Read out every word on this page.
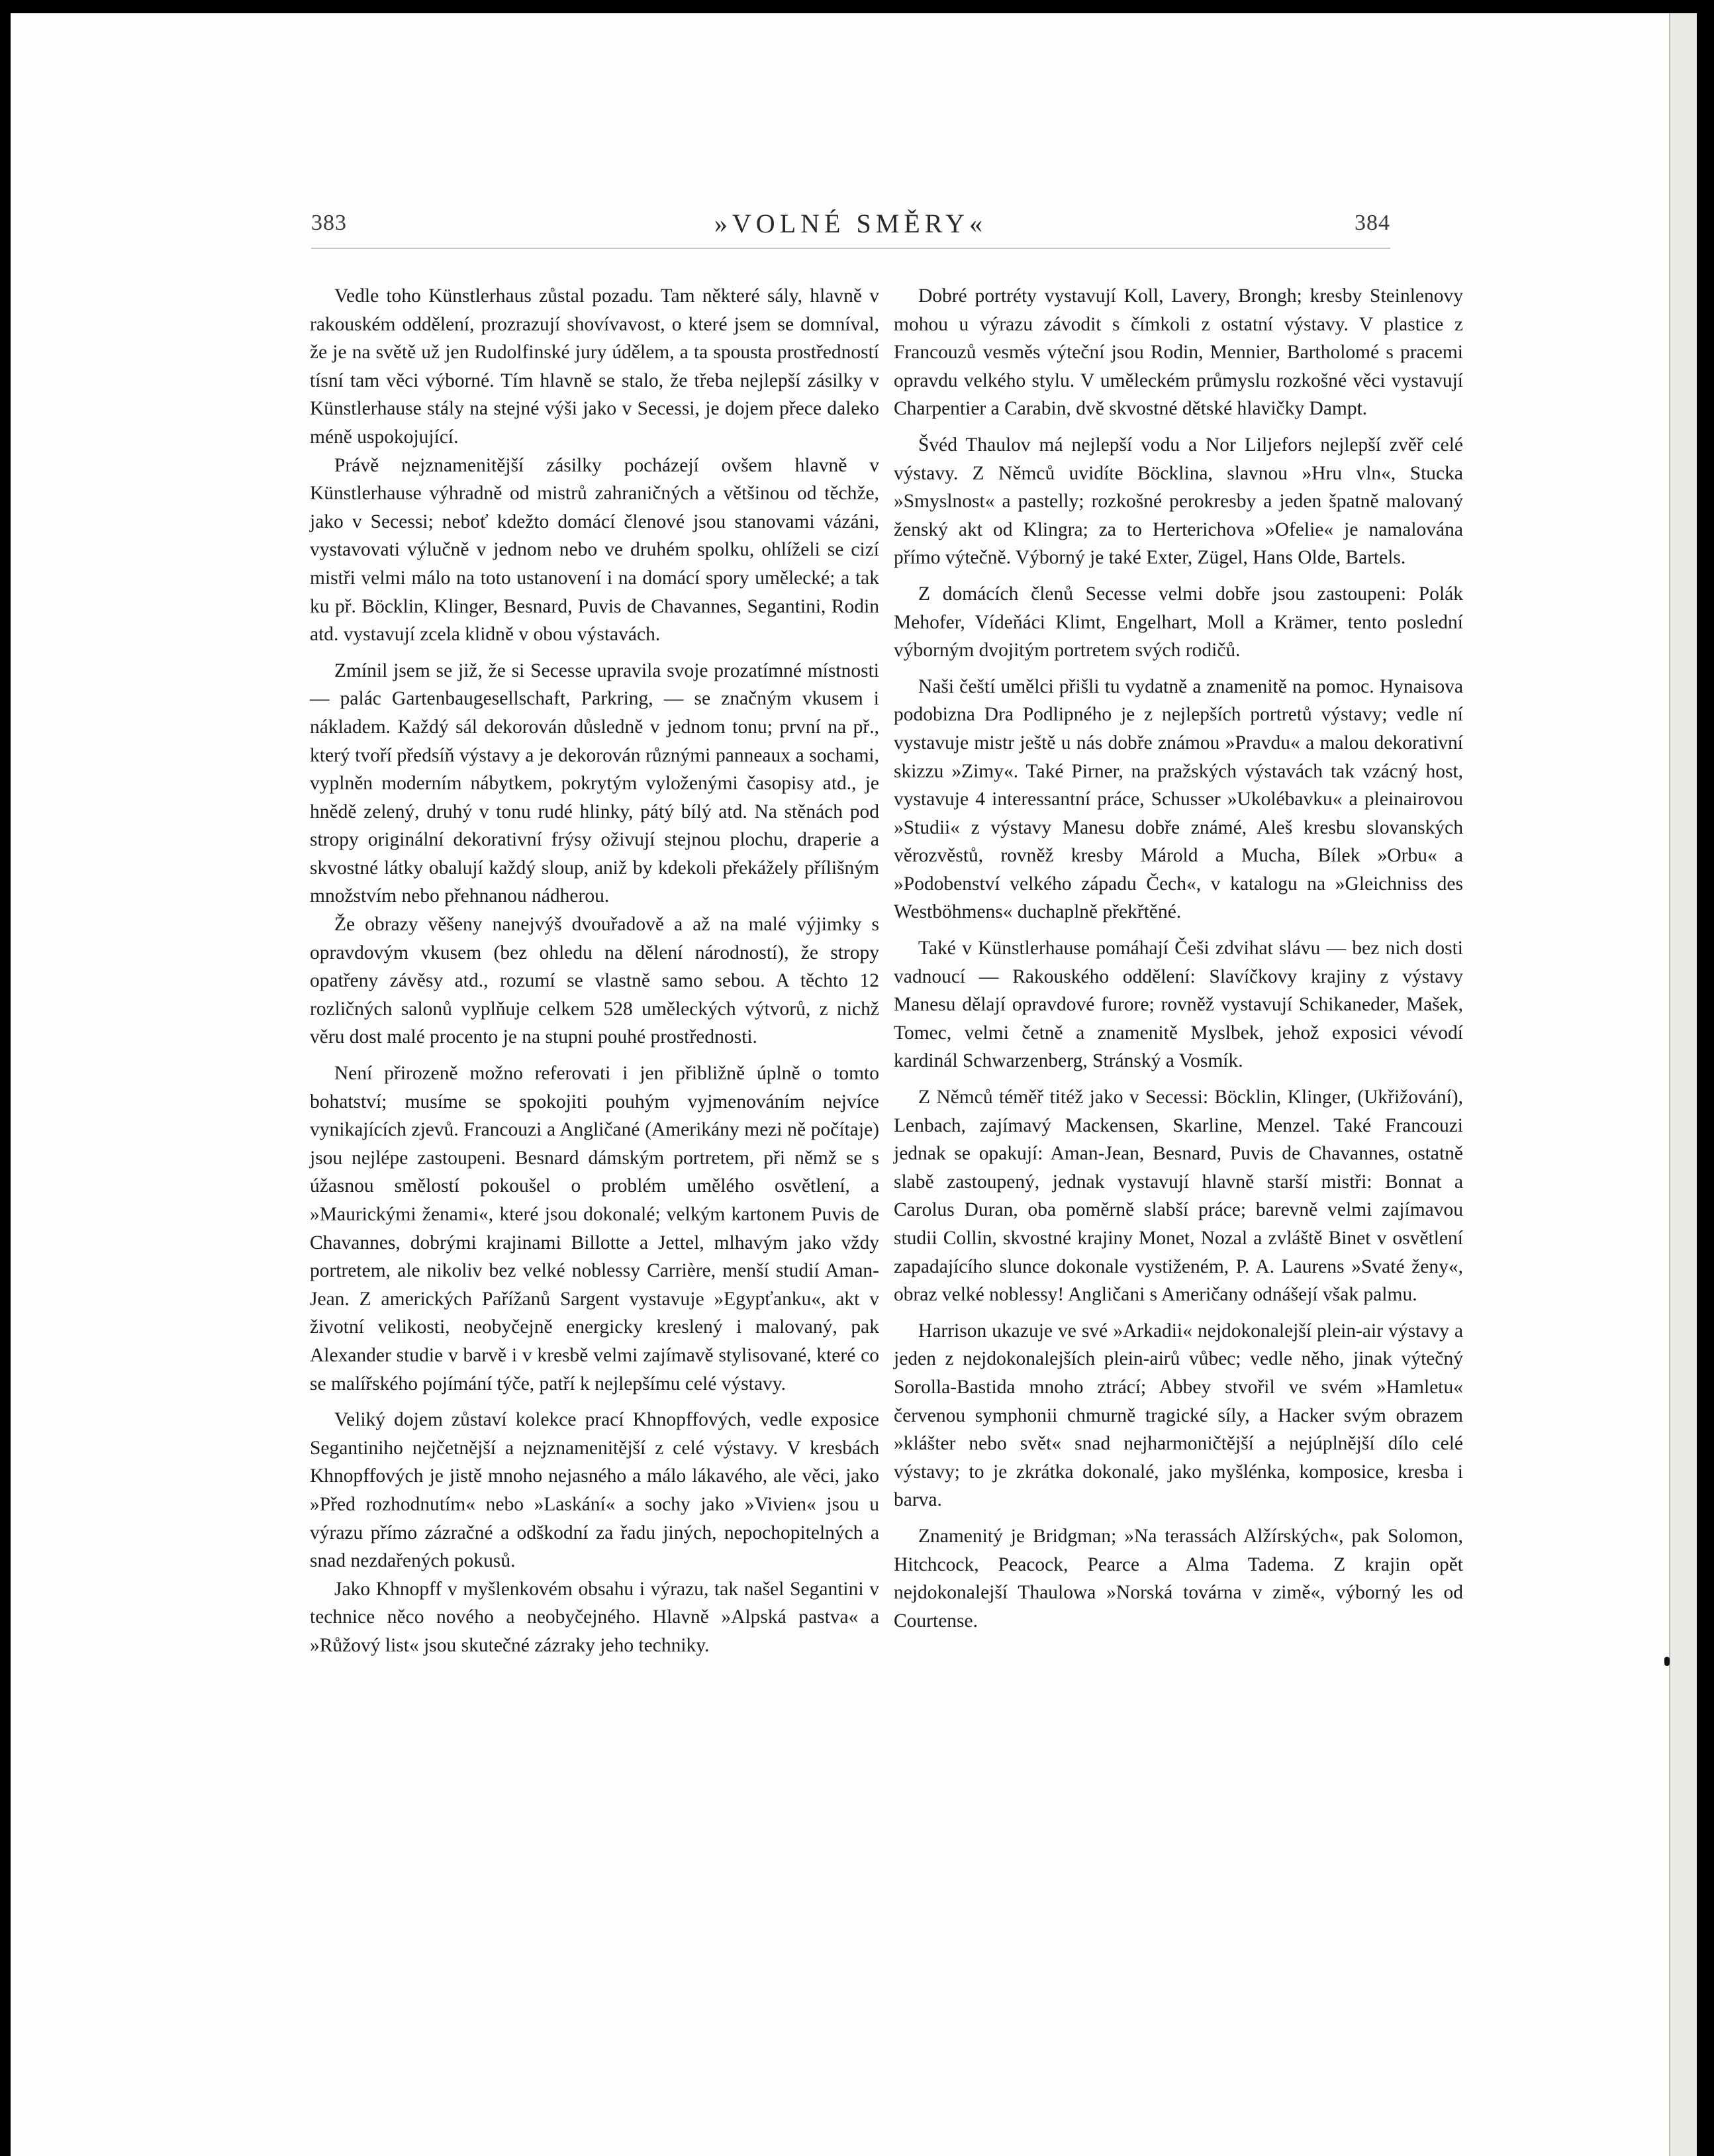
383	»VOLNÉ SMĚRY«	384

Vedle toho Künstlerhaus zůstal pozadu. Tam některé sály, hlavně v rakouském oddělení, prozrazují shovívavost, o které jsem se domníval, že je na světě už jen Rudolfinské jury údělem, a ta spousta prostředností tísní tam věci výborné. Tím hlavně se stalo, že třeba nejlepší zásilky v Künstlerhause stály na stejné výši jako v Secessi, je dojem přece daleko méně uspokojující.

Právě nejznamenitější zásilky pocházejí ovšem hlavně v Künstlerhause výhradně od mistrů zahraničných a většinou od těchže, jako v Secessi; neboť kdežto domácí členové jsou stanovami vázáni, vystavovati výlučně v jednom nebo ve druhém spolku, ohlíželi se cizí mistři velmi málo na toto ustanovení i na domácí spory umělecké; a tak ku př. Böcklin, Klinger, Besnard, Puvis de Chavannes, Segantini, Rodin atd. vystavují zcela klidně v obou výstavách.

Zmínil jsem se již, že si Secesse upravila svoje prozatímné místnosti — palác Gartenbaugesellschaft, Parkring, — se značným vkusem i nákladem. Každý sál dekorován důsledně v jednom tonu; první na př., který tvoří předsíň výstavy a je dekorován různými panneaux a sochami, vyplněn moderním nábytkem, pokrytým vyloženými časopisy atd., je hnědě zelený, druhý v tonu rudé hlinky, pátý bílý atd. Na stěnách pod stropy originální dekorativní frýsy oživují stejnou plochu, draperie a skvostné látky obalují každý sloup, aniž by kdekoli překážely přílišným množstvím nebo přehnanou nádherou.

Že obrazy věšeny nanejvýš dvouřadově a až na malé výjimky s opravdovým vkusem (bez ohledu na dělení národností), že stropy opatřeny závěsy atd., rozumí se vlastně samo sebou. A těchto 12 rozličných salonů vyplňuje celkem 528 uměleckých výtvorů, z nichž věru dost malé procento je na stupni pouhé prostřednosti.

Není přirozeně možno referovati i jen přibližně úplně o tomto bohatství; musíme se spokojiti pouhým vyjmenováním nejvíce vynikajících zjevů. Francouzi a Angličané (Amerikány mezi ně počítaje) jsou nejlépe zastoupeni. Besnard dámským portretem, při němž se s úžasnou smělostí pokoušel o problém umělého osvětlení, a »Maurickými ženami«, které jsou dokonalé; velkým kartonem Puvis de Chavannes, dobrými krajinami Billotte a Jettel, mlhavým jako vždy portretem, ale nikoliv bez velké noblessy Carrière, menší studií Aman-Jean. Z amerických Pařížanů Sargent vystavuje »Egypťanku«, akt v životní velikosti, neobyčejně energicky kreslený i malovaný, pak Alexander studie v barvě i v kresbě velmi zajímavě stylisované, které co se malířského pojímání týče, patří k nejlepšímu celé výstavy.

Veliký dojem zůstaví kolekce prací Khnopffových, vedle exposice Segantiniho nejčetnější a nejznamenitější z celé výstavy. V kresbách Khnopffových je jistě mnoho nejasného a málo lákavého, ale věci, jako »Před rozhodnutím« nebo »Laskání« a sochy jako »Vivien« jsou u výrazu přímo zázračné a odškodní za řadu jiných, nepochopitelných a snad nezdařených pokusů.

Jako Khnopff v myšlenkovém obsahu i výrazu, tak našel Segantini v technice něco nového a neobyčejného. Hlavně »Alpská pastva« a »Růžový list« jsou skutečné zázraky jeho techniky.

Dobré portréty vystavují Koll, Lavery, Brongh; kresby Steinlenovy mohou u výrazu závodit s čímkoli z ostatní výstavy. V plastice z Francouzů vesměs výteční jsou Rodin, Mennier, Bartholomé s pracemi opravdu velkého stylu. V uměleckém průmyslu rozkošné věci vystavují Charpentier a Carabin, dvě skvostné dětské hlavičky Dampt.

Švéd Thaulov má nejlepší vodu a Nor Liljefors nejlepší zvěř celé výstavy. Z Němců uvidíte Böcklina, slavnou »Hru vln«, Stucka »Smyslnost« a pastelly; rozkošné perokresby a jeden špatně malovaný ženský akt od Klingra; za to Herterichova »Ofelie« je namalována přímo výtečně. Výborný je také Exter, Zügel, Hans Olde, Bartels.

Z domácích členů Secesse velmi dobře jsou zastoupeni: Polák Mehofer, Vídeňáci Klimt, Engelhart, Moll a Krämer, tento poslední výborným dvojitým portretem svých rodičů.

Naši čeští umělci přišli tu vydatně a znamenitě na pomoc. Hynaisova podobizna Dra Podlipného je z nejlepších portretů výstavy; vedle ní vystavuje mistr ještě u nás dobře známou »Pravdu« a malou dekorativní skizzu »Zimy«. Také Pirner, na pražských výstavách tak vzácný host, vystavuje 4 interessantní práce, Schusser »Ukolébavku« a pleinairovou »Studii« z výstavy Manesu dobře známé, Aleš kresbu slovanských věrozvěstů, rovněž kresby Márold a Mucha, Bílek »Orbu« a »Podobenství velkého západu Čech«, v katalogu na »Gleichniss des Westböhmens« duchaplně překřtěné.

Také v Künstlerhause pomáhají Češi zdvihat slávu — bez nich dosti vadnoucí — Rakouského oddělení: Slavíčkovy krajiny z výstavy Manesu dělají opravdové furore; rovněž vystavují Schikaneder, Mašek, Tomec, velmi četně a znamenitě Myslbek, jehož exposici vévodí kardinál Schwarzenberg, Stránský a Vosmík.

Z Němců téměř titéž jako v Secessi: Böcklin, Klinger, (Ukřižování), Lenbach, zajímavý Mackensen, Skarline, Menzel. Také Francouzi jednak se opakují: Aman-Jean, Besnard, Puvis de Chavannes, ostatně slabě zastoupený, jednak vystavují hlavně starší mistři: Bonnat a Carolus Duran, oba poměrně slabší práce; barevně velmi zajímavou studii Collin, skvostné krajiny Monet, Nozal a zvláště Binet v osvětlení zapadajícího slunce dokonale vystiženém, P. A. Laurens »Svaté ženy«, obraz velké noblessy! Angličani s Američany odnášejí však palmu.

Harrison ukazuje ve své »Arkadii« nejdokonalejší plein-air výstavy a jeden z nejdokonalejších plein-airů vůbec; vedle něho, jinak výtečný Sorolla-Bastida mnoho ztrácí; Abbey stvořil ve svém »Hamletu« červenou symphonii chmurně tragické síly, a Hacker svým obrazem »klášter nebo svět« snad nejharmoničtější a nejúplnější dílo celé výstavy; to je zkrátka dokonalé, jako myšlénka, komposice, kresba i barva.

Znamenitý je Bridgman; »Na terassách Alžírských«, pak Solomon, Hitchcock, Peacock, Pearce a Alma Tadema. Z krajin opět nejdokonalejší Thaulowa »Norská továrna v zimě«, výborný les od Courtense.
